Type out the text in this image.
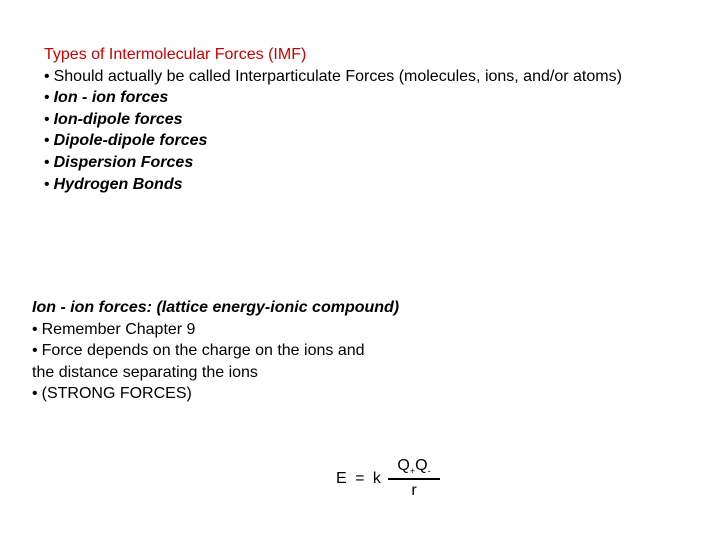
Types of Intermolecular Forces (IMF)
• Should actually be called Interparticulate Forces (molecules, ions, and/or atoms)
• Ion - ion forces
• Ion-dipole forces
• Dipole-dipole forces
• Dispersion Forces
• Hydrogen Bonds
Ion - ion forces: (lattice energy-ionic compound)
• Remember Chapter 9
• Force depends on the charge on the ions and
the distance separating the ions
• (STRONG FORCES)
E = k
$Q_+Q_-$
r
